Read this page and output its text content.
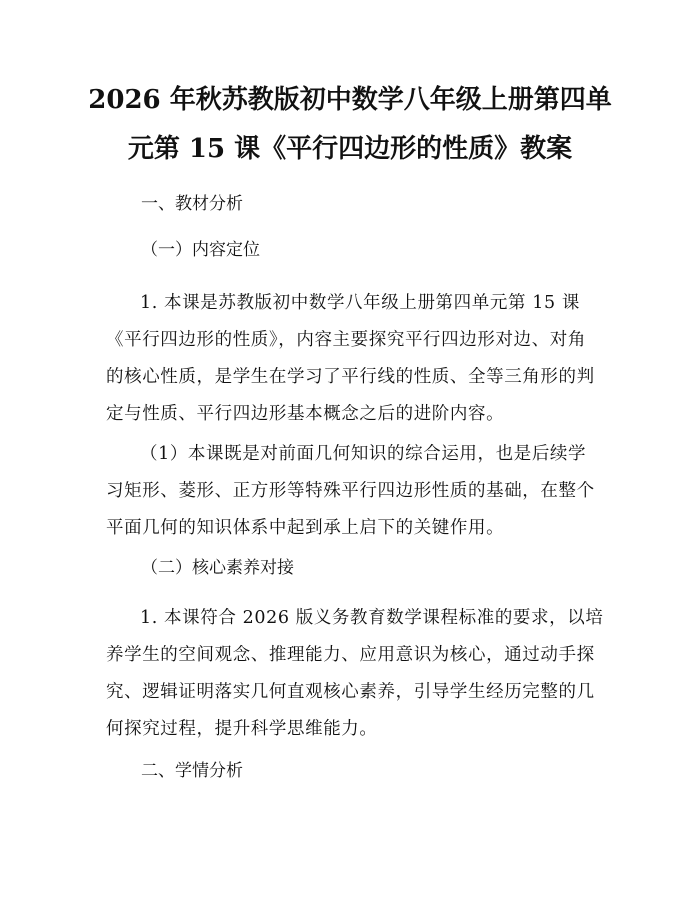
2026 年秋苏教版初中数学八年级上册第四单
元第 15 课《平行四边形的性质》教案
一、教材分析
（一）内容定位
1. 本课是苏教版初中数学八年级上册第四单元第 15 课
《平行四边形的性质》，内容主要探究平行四边形对边、对角
的核心性质，是学生在学习了平行线的性质、全等三角形的判
定与性质、平行四边形基本概念之后的进阶内容。
（1）本课既是对前面几何知识的综合运用，也是后续学
习矩形、菱形、正方形等特殊平行四边形性质的基础，在整个
平面几何的知识体系中起到承上启下的关键作用。
（二）核心素养对接
1. 本课符合 2026 版义务教育数学课程标准的要求，以培
养学生的空间观念、推理能力、应用意识为核心，通过动手探
究、逻辑证明落实几何直观核心素养，引导学生经历完整的几
何探究过程，提升科学思维能力。
二、学情分析
